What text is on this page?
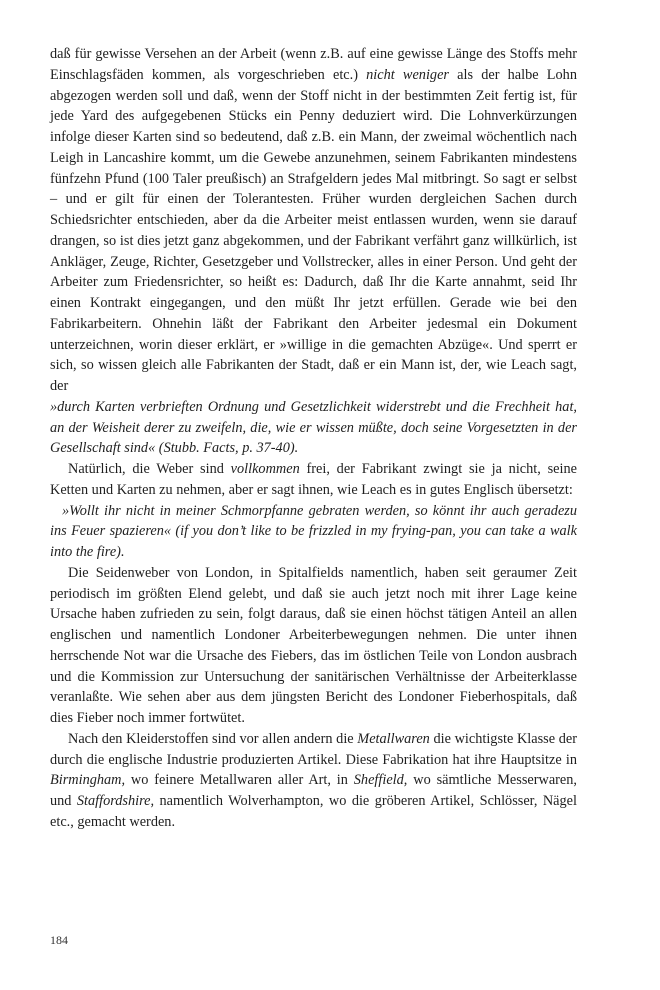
daß für gewisse Versehen an der Arbeit (wenn z.B. auf eine gewisse Länge des Stoffs mehr Einschlagsfäden kommen, als vorgeschrieben etc.) nicht weniger als der halbe Lohn abgezogen werden soll und daß, wenn der Stoff nicht in der bestimmten Zeit fertig ist, für jede Yard des aufgegebenen Stücks ein Penny deduziert wird. Die Lohnverkürzungen infolge dieser Karten sind so bedeutend, daß z.B. ein Mann, der zweimal wöchentlich nach Leigh in Lancashire kommt, um die Gewebe anzunehmen, seinem Fabrikanten mindestens fünfzehn Pfund (100 Taler preußisch) an Strafgeldern jedes Mal mitbringt. So sagt er selbst – und er gilt für einen der Tolerantesten. Früher wurden dergleichen Sachen durch Schiedsrichter entschieden, aber da die Arbeiter meist entlassen wurden, wenn sie darauf drangen, so ist dies jetzt ganz abgekommen, und der Fabrikant verfährt ganz willkürlich, ist Ankläger, Zeuge, Richter, Gesetzgeber und Vollstrecker, alles in einer Person. Und geht der Arbeiter zum Friedensrichter, so heißt es: Dadurch, daß Ihr die Karte annahmt, seid Ihr einen Kontrakt eingegangen, und den müßt Ihr jetzt erfüllen. Gerade wie bei den Fabrikarbeitern. Ohnehin läßt der Fabrikant den Arbeiter jedesmal ein Dokument unterzeichnen, worin dieser erklärt, er »willige in die gemachten Abzüge«. Und sperrt er sich, so wissen gleich alle Fabrikanten der Stadt, daß er ein Mann ist, der, wie Leach sagt, der

»durch Karten verbrieften Ordnung und Gesetzlichkeit widerstrebt und die Frechheit hat, an der Weisheit derer zu zweifeln, die, wie er wissen müßte, doch seine Vorgesetzten in der Gesellschaft sind« (Stubb. Facts, p. 37-40).

Natürlich, die Weber sind vollkommen frei, der Fabrikant zwingt sie ja nicht, seine Ketten und Karten zu nehmen, aber er sagt ihnen, wie Leach es in gutes Englisch übersetzt:

»Wollt ihr nicht in meiner Schmorpfanne gebraten werden, so könnt ihr auch geradezu ins Feuer spazieren« (if you don’t like to be frizzled in my frying-pan, you can take a walk into the fire).

Die Seidenweber von London, in Spitalfields namentlich, haben seit geraumer Zeit periodisch im größten Elend gelebt, und daß sie auch jetzt noch mit ihrer Lage keine Ursache haben zufrieden zu sein, folgt daraus, daß sie einen höchst tätigen Anteil an allen englischen und namentlich Londoner Arbeiterbewegungen nehmen. Die unter ihnen herrschende Not war die Ursache des Fiebers, das im östlichen Teile von London ausbrach und die Kommission zur Untersuchung der sanitärischen Verhältnisse der Arbeiterklasse veranlaßte. Wie sehen aber aus dem jüngsten Bericht des Londoner Fieberhospitals, daß dies Fieber noch immer fortwütet.

Nach den Kleiderstoffen sind vor allen andern die Metallwaren die wichtigste Klasse der durch die englische Industrie produzierten Artikel. Diese Fabrikation hat ihre Hauptsitze in Birmingham, wo feinere Metallwaren aller Art, in Sheffield, wo sämtliche Messerwaren, und Staffordshire, namentlich Wolverhampton, wo die gröberen Artikel, Schlösser, Nägel etc., gemacht werden.

184
